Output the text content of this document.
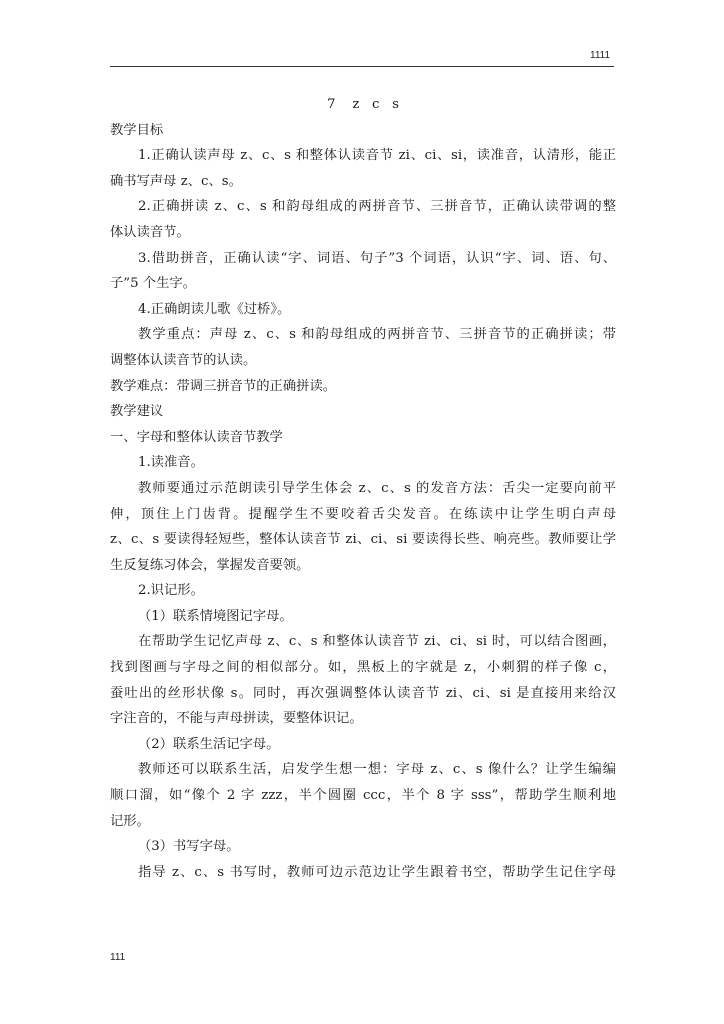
1111

7    z   c   s

教学目标

1.正确认读声母 z、c、s 和整体认读音节 zi、ci、si，读准音，认清形，能正

确书写声母 z、c、s。

2.正确拼读 z、c、s 和韵母组成的两拼音节、三拼音节，正确认读带调的整

体认读音节。

3.借助拼音，正确认读“字、词语、句子”3 个词语，认识“字、词、语、句、

子”5 个生字。

4.正确朗读儿歌《过桥》。

教学重点：声母 z、c、s 和韵母组成的两拼音节、三拼音节的正确拼读；带

调整体认读音节的认读。

教学难点：带调三拼音节的正确拼读。

教学建议

一、字母和整体认读音节教学

1.读准音。

教师要通过示范朗读引导学生体会 z、c、s 的发音方法：舌尖一定要向前平

伸，顶住上门齿背。提醒学生不要咬着舌尖发音。在练读中让学生明白声母

z、c、s 要读得轻短些，整体认读音节 zi、ci、si 要读得长些、响亮些。教师要让学

生反复练习体会，掌握发音要领。

2.识记形。

（1）联系情境图记字母。

在帮助学生记忆声母 z、c、s 和整体认读音节 zi、ci、si 时，可以结合图画，

找到图画与字母之间的相似部分。如，黑板上的字就是 z，小刺猬的样子像 c，

蚕吐出的丝形状像 s。同时，再次强调整体认读音节 zi、ci、si 是直接用来给汉

字注音的，不能与声母拼读，要整体识记。

（2）联系生活记字母。

教师还可以联系生活，启发学生想一想：字母 z、c、s 像什么？让学生编编

顺口溜，如“像个 2 字 zzz，半个圆圈 ccc，半个 8 字 sss”，帮助学生顺利地

记形。

（3）书写字母。

指导 z、c、s 书写时，教师可边示范边让学生跟着书空，帮助学生记住字母

111
